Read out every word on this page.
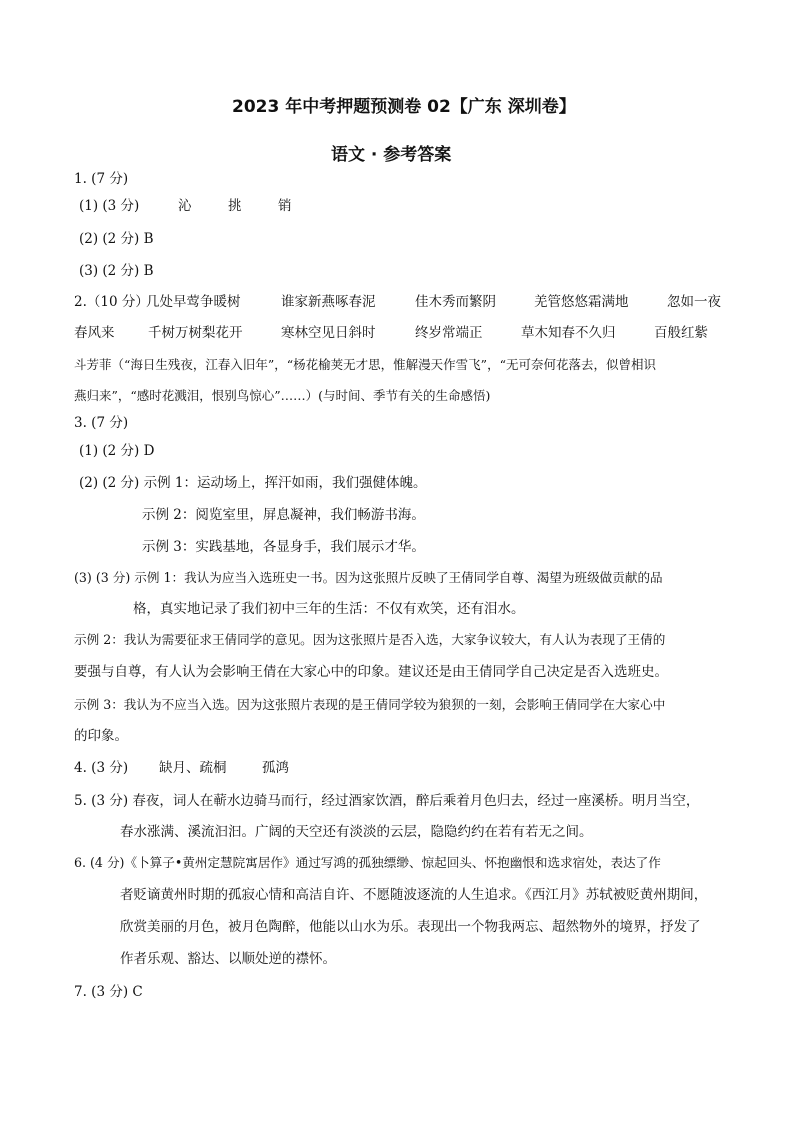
2023 年中考押题预测卷 02【广东 深圳卷】
语文 · 参考答案
1. (7 分)
(1) (3 分)	沁	挑	销
(2) (2 分) B
(3) (2 分) B
2.（10 分）
几处早莺争暖树	谁家新燕啄春泥	佳木秀而繁阴	羌管悠悠霜满地	忽如一夜
春风来 千树万树梨花开	寒林空见日斜时	终岁常端正	草木知春不久归	百般红紫
斗芳菲（“海日生残夜，江春入旧年”，“杨花榆荚无才思，惟解漫天作雪飞”，“无可奈何花落去，似曾相识
燕归来”，“感时花溅泪，恨别鸟惊心”……）(与时间、季节有关的生命感悟)
3. (7 分)
(1) (2 分) D
(2) (2 分) 示例 1：运动场上，挥汗如雨，我们强健体魄。
示例 2：阅览室里，屏息凝神，我们畅游书海。
示例 3：实践基地，各显身手，我们展示才华。
(3) (3 分) 示例 1：我认为应当入选班史一书。因为这张照片反映了王倩同学自尊、渴望为班级做贡献的品
格，真实地记录了我们初中三年的生活：不仅有欢笑，还有泪水。
示例 2：我认为需要征求王倩同学的意见。因为这张照片是否入选，大家争议较大，有人认为表现了王倩的
要强与自尊，有人认为会影响王倩在大家心中的印象。建议还是由王倩同学自己决定是否入选班史。
示例 3：我认为不应当入选。因为这张照片表现的是王倩同学较为狼狈的一刻，会影响王倩同学在大家心中
的印象。
4. (3 分) 缺月、疏桐	孤鸿
5. (3 分) 春夜，词人在蕲水边骑马而行，经过酒家饮酒，醉后乘着月色归去，经过一座溪桥。明月当空，
春水涨满、溪流汩汩。广阔的天空还有淡淡的云层，隐隐约约在若有若无之间。
6. (4 分)《卜算子•黄州定慧院寓居作》通过写鸿的孤独缥缈、惊起回头、怀抱幽恨和选求宿处，表达了作
者贬谪黄州时期的孤寂心情和高洁自许、不愿随波逐流的人生追求。《西江月》苏轼被贬黄州期间，
欣赏美丽的月色，被月色陶醉，他能以山水为乐。表现出一个物我两忘、超然物外的境界，抒发了
作者乐观、豁达、以顺处逆的襟怀。
7. (3 分) C
